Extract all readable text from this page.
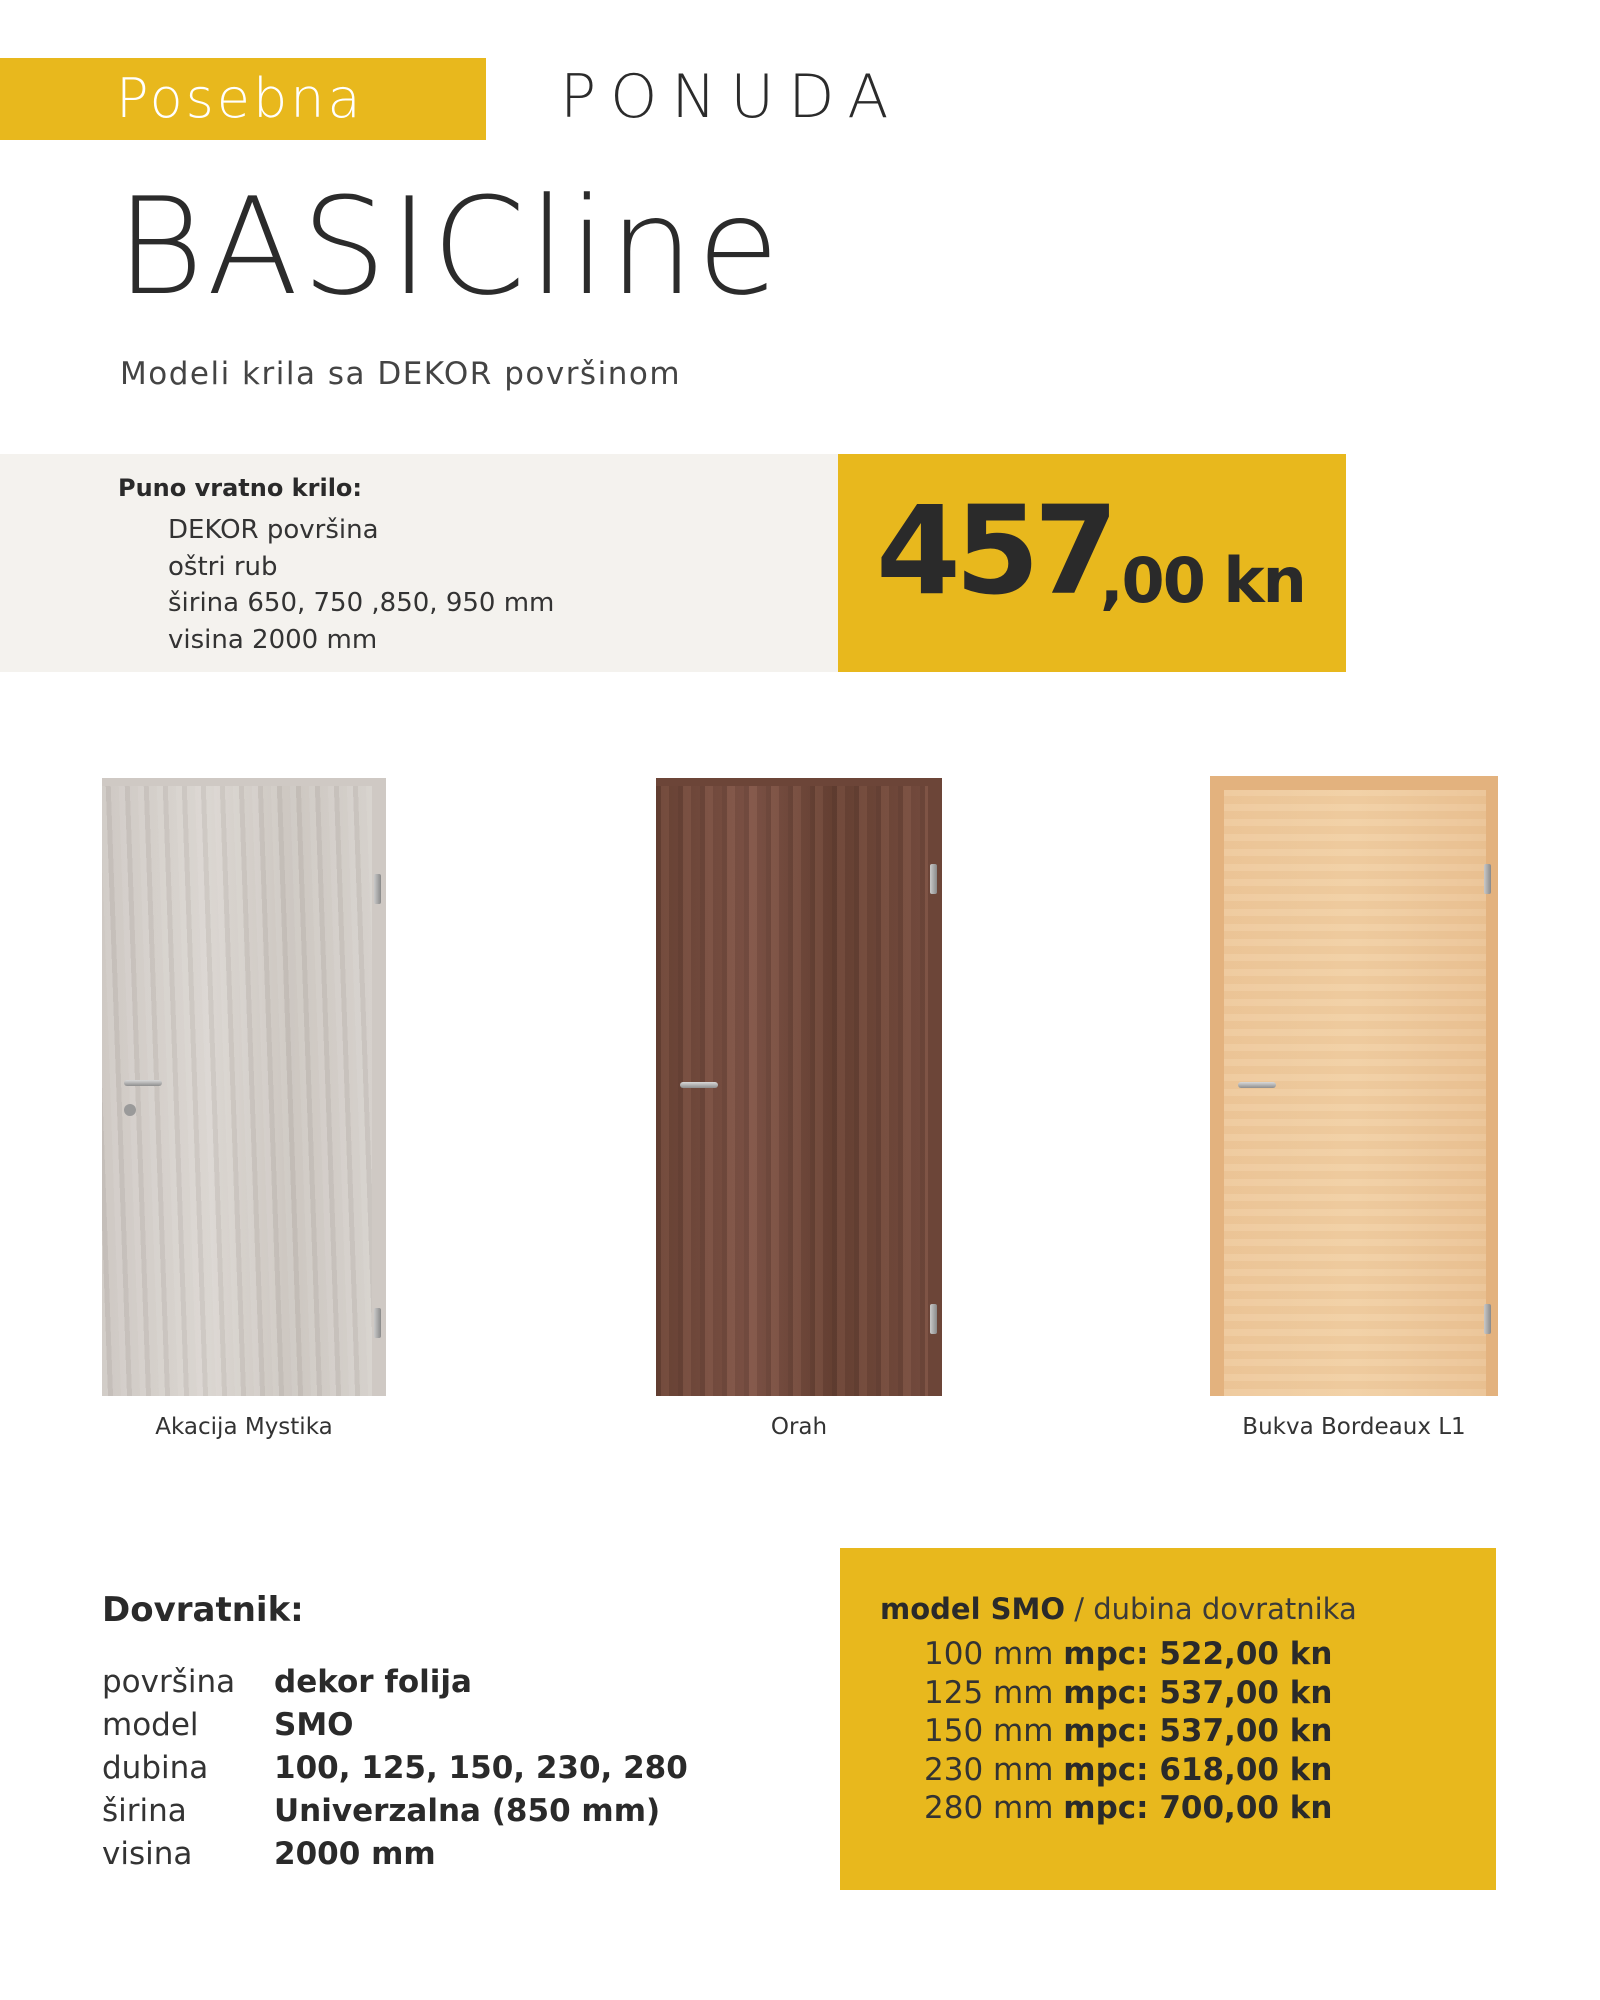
Posebna	PONUDA
BASICline
Modeli krila sa DEKOR površinom
Puno vratno krilo:
DEKOR površina
oštri rub
širina 650, 750 ,850, 950 mm
visina 2000 mm
457
,00 kn
Akacija Mystika	Orah	Bukva Bordeaux L1
Dovratnik:
površina	dekor folija
model	SMO
dubina	100, 125, 150, 230, 280
širina	Univerzalna (850 mm)
visina	2000 mm
model SMO / dubina dovratnika
100 mm mpc: 522,00 kn
125 mm mpc: 537,00 kn
150 mm mpc: 537,00 kn
230 mm mpc: 618,00 kn
280 mm mpc: 700,00 kn
